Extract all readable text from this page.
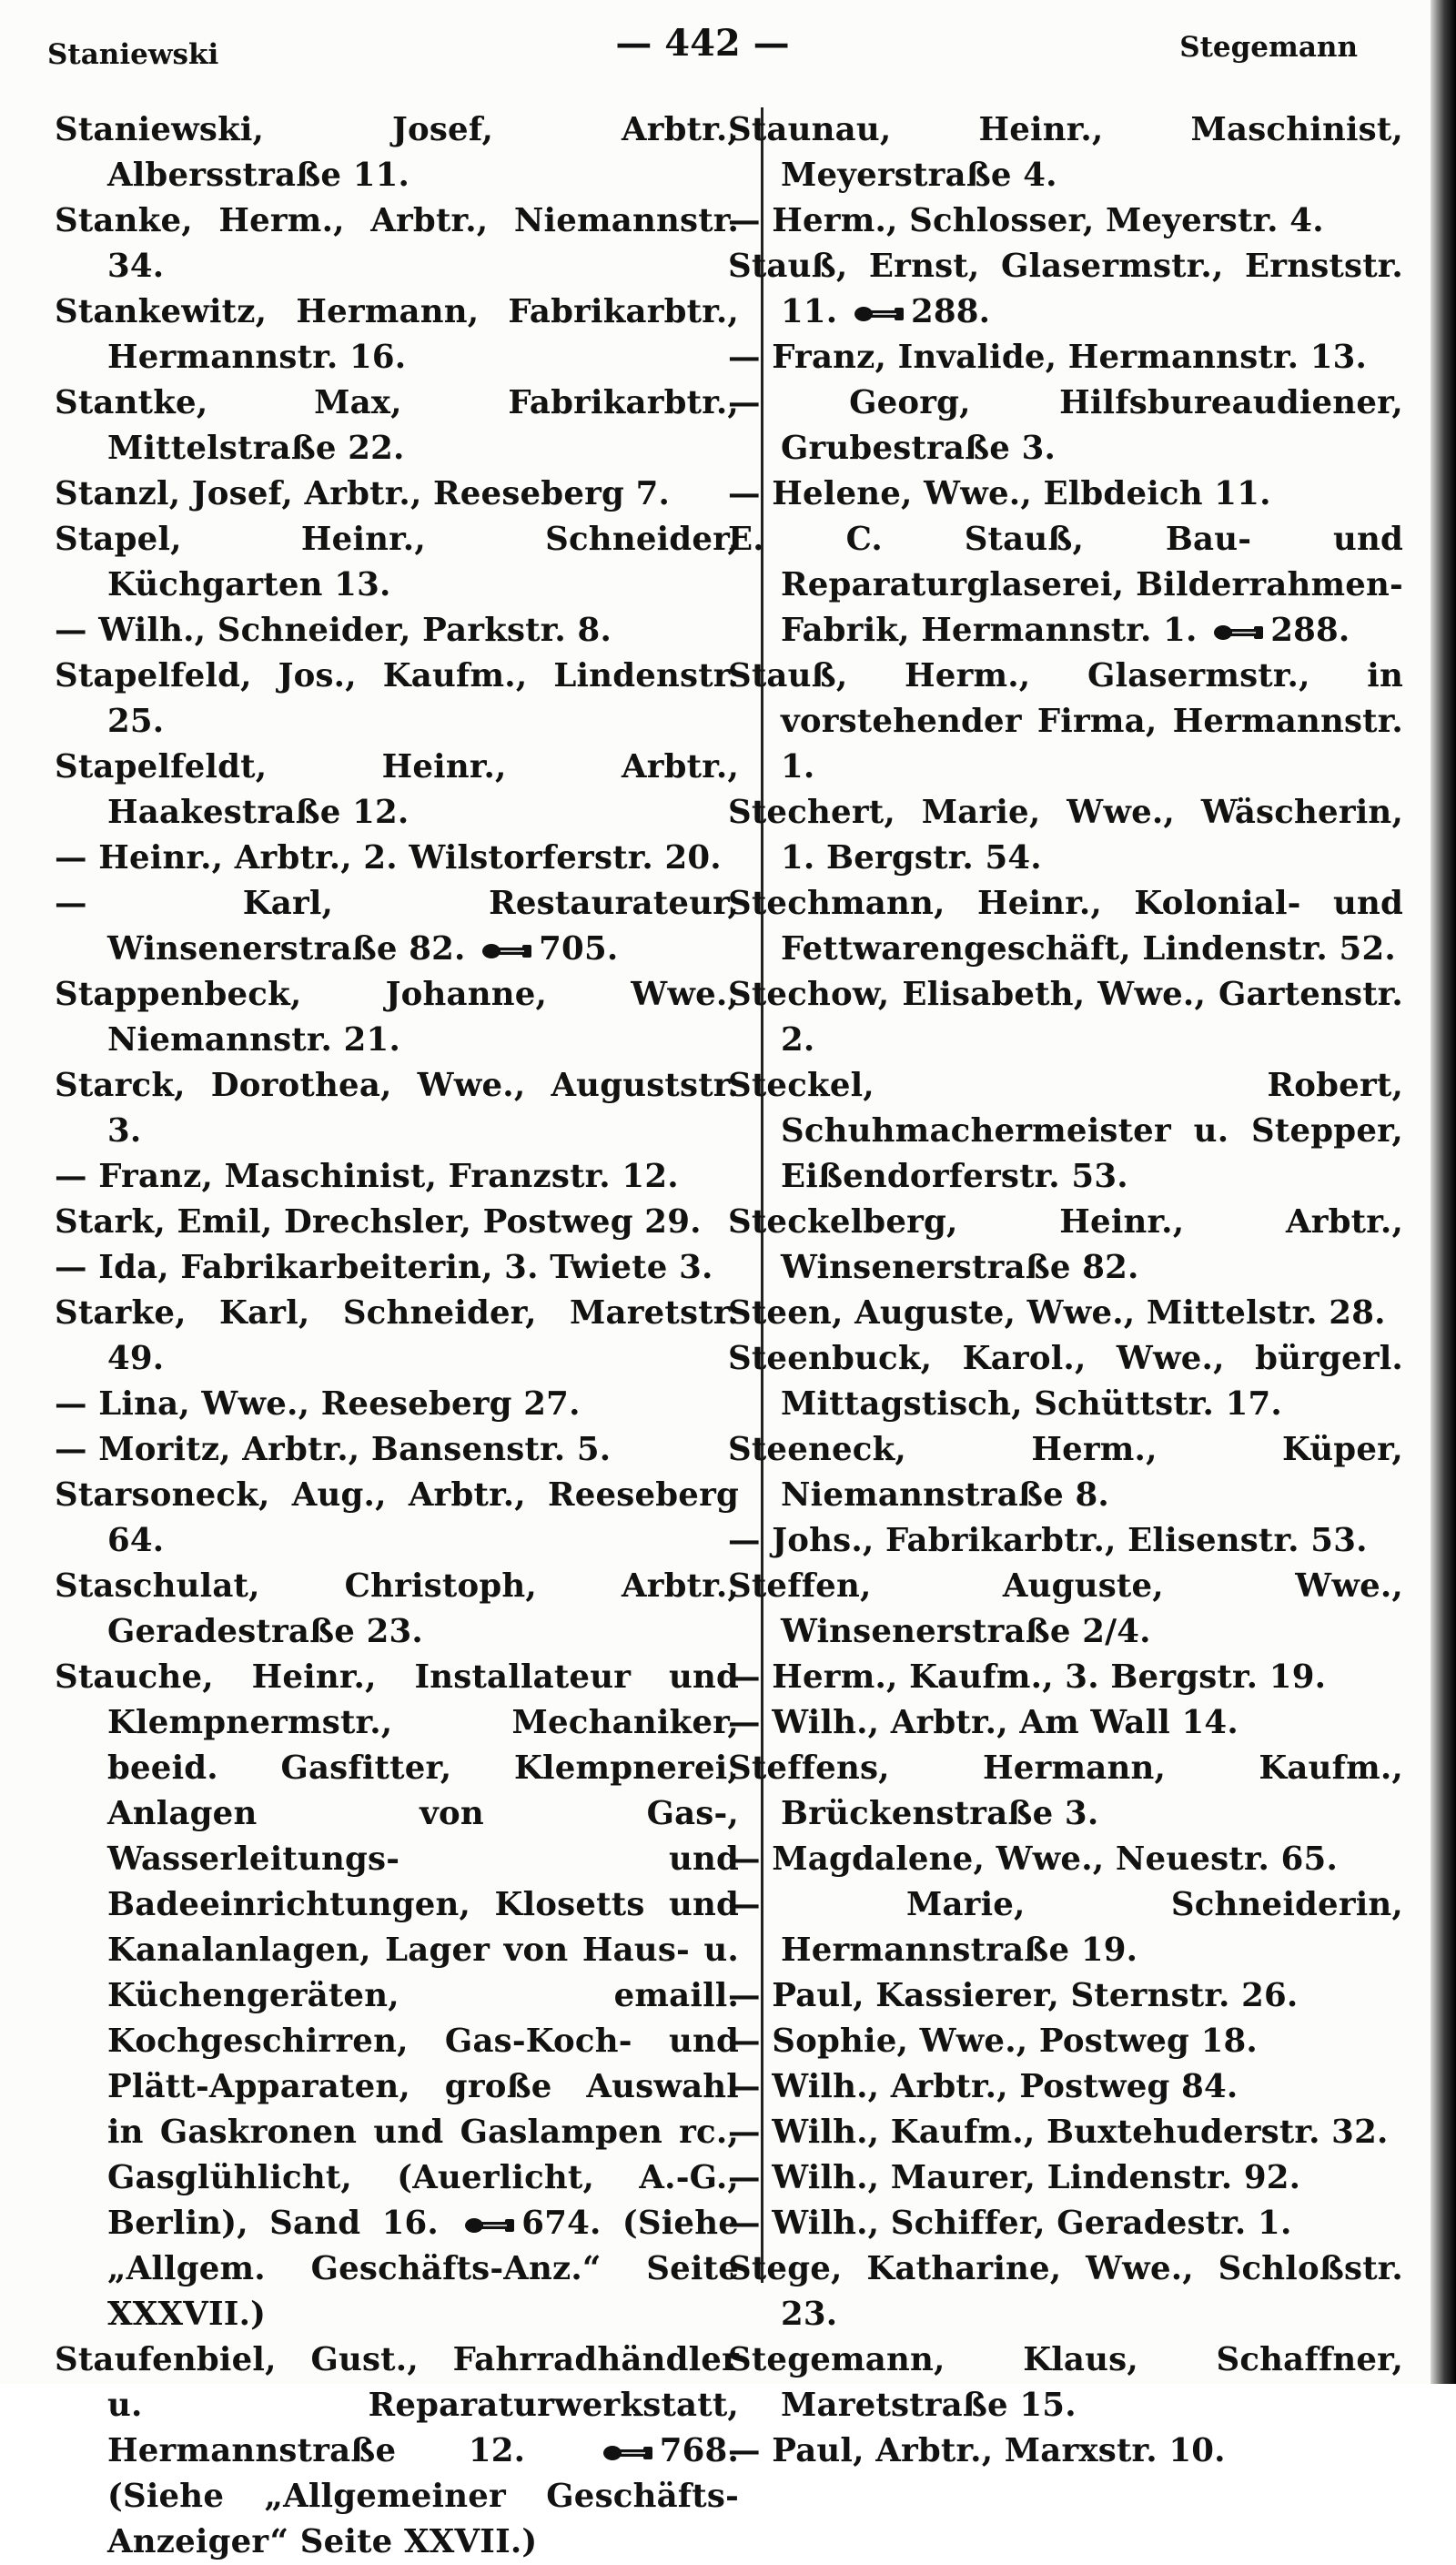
Staniewski	— 442 —	Stegemann

Staniewski, Josef, Arbtr., Albersstraße 11.

Stanke, Herm., Arbtr., Niemannstr. 34.

Stankewitz, Hermann, Fabrikarbtr., Hermannstr. 16.

Stantke, Max, Fabrikarbtr., Mittelstraße 22.

Stanzl, Josef, Arbtr., Reeseberg 7.

Stapel, Heinr., Schneider, Küchgarten 13.

— Wilh., Schneider, Parkstr. 8.

Stapelfeld, Jos., Kaufm., Lindenstr. 25.

Stapelfeldt, Heinr., Arbtr., Haakestraße 12.

— Heinr., Arbtr., 2. Wilstorferstr. 20.

— Karl, Restaurateur, Winsenerstraße 82. 705.

Stappenbeck, Johanne, Wwe., Niemannstr. 21.

Starck, Dorothea, Wwe., Auguststr. 3.

— Franz, Maschinist, Franzstr. 12.

Stark, Emil, Drechsler, Postweg 29.

— Ida, Fabrikarbeiterin, 3. Twiete 3.

Starke, Karl, Schneider, Maretstr. 49.

— Lina, Wwe., Reeseberg 27.

— Moritz, Arbtr., Bansenstr. 5.

Starsoneck, Aug., Arbtr., Reeseberg 64.

Staschulat, Christoph, Arbtr., Geradestraße 23.

Stauche, Heinr., Installateur und Klempnermstr., Mechaniker, beeid. Gasfitter, Klempnerei, Anlagen von Gas-, Wasserleitungs- und Badeeinrichtungen, Klosetts und Kanalanlagen, Lager von Haus- u. Küchengeräten, emaill. Kochgeschirren, Gas-Koch- und Plätt-Apparaten, große Auswahl in Gaskronen und Gaslampen rc., Gasglühlicht, (Auerlicht, A.-G., Berlin), Sand 16.	674. (Siehe „Allgem. Geschäfts-Anz.“ Seite XXXVII.)

Staufenbiel, Gust., Fahrradhändler u. Reparaturwerkstatt, Hermannstraße 12.	768. (Siehe „Allgemeiner Geschäfts-Anzeiger“ Seite XXVII.)

Staunau, Heinr., Maschinist, Meyerstraße 4.

— Herm., Schlosser, Meyerstr. 4.

Stauß, Ernst, Glasermstr., Ernststr. 11. 288.

— Franz, Invalide, Hermannstr. 13.

— Georg, Hilfsbureaudiener, Grubestraße 3.

— Helene, Wwe., Elbdeich 11.

E. C. Stauß, Bau- und Reparaturglaserei, Bilderrahmen-Fabrik, Hermannstr. 1. 288.

Stauß, Herm., Glasermstr., in vorstehender Firma, Hermannstr. 1.

Stechert, Marie, Wwe., Wäscherin, 1. Bergstr. 54.

Stechmann, Heinr., Kolonial- und Fettwarengeschäft, Lindenstr. 52.

Stechow, Elisabeth, Wwe., Gartenstr. 2.

Steckel, Robert, Schuhmachermeister u. Stepper, Eißendorferstr. 53.

Steckelberg, Heinr., Arbtr., Winsenerstraße 82.

Steen, Auguste, Wwe., Mittelstr. 28.

Steenbuck, Karol., Wwe., bürgerl. Mittagstisch, Schüttstr. 17.

Steeneck, Herm., Küper, Niemannstraße 8.

— Johs., Fabrikarbtr., Elisenstr. 53.

Steffen, Auguste, Wwe., Winsenerstraße 2/4.

— Herm., Kaufm., 3. Bergstr. 19.

— Wilh., Arbtr., Am Wall 14.

Steffens, Hermann, Kaufm., Brückenstraße 3.

— Magdalene, Wwe., Neuestr. 65.

— Marie, Schneiderin, Hermannstraße 19.

— Paul, Kassierer, Sternstr. 26.

— Sophie, Wwe., Postweg 18.

— Wilh., Arbtr., Postweg 84.

— Wilh., Kaufm., Buxtehuderstr. 32.

— Wilh., Maurer, Lindenstr. 92.

— Wilh., Schiffer, Geradestr. 1.

Stege, Katharine, Wwe., Schloßstr. 23.

Stegemann, Klaus, Schaffner, Maretstraße 15.

— Paul, Arbtr., Marxstr. 10.
